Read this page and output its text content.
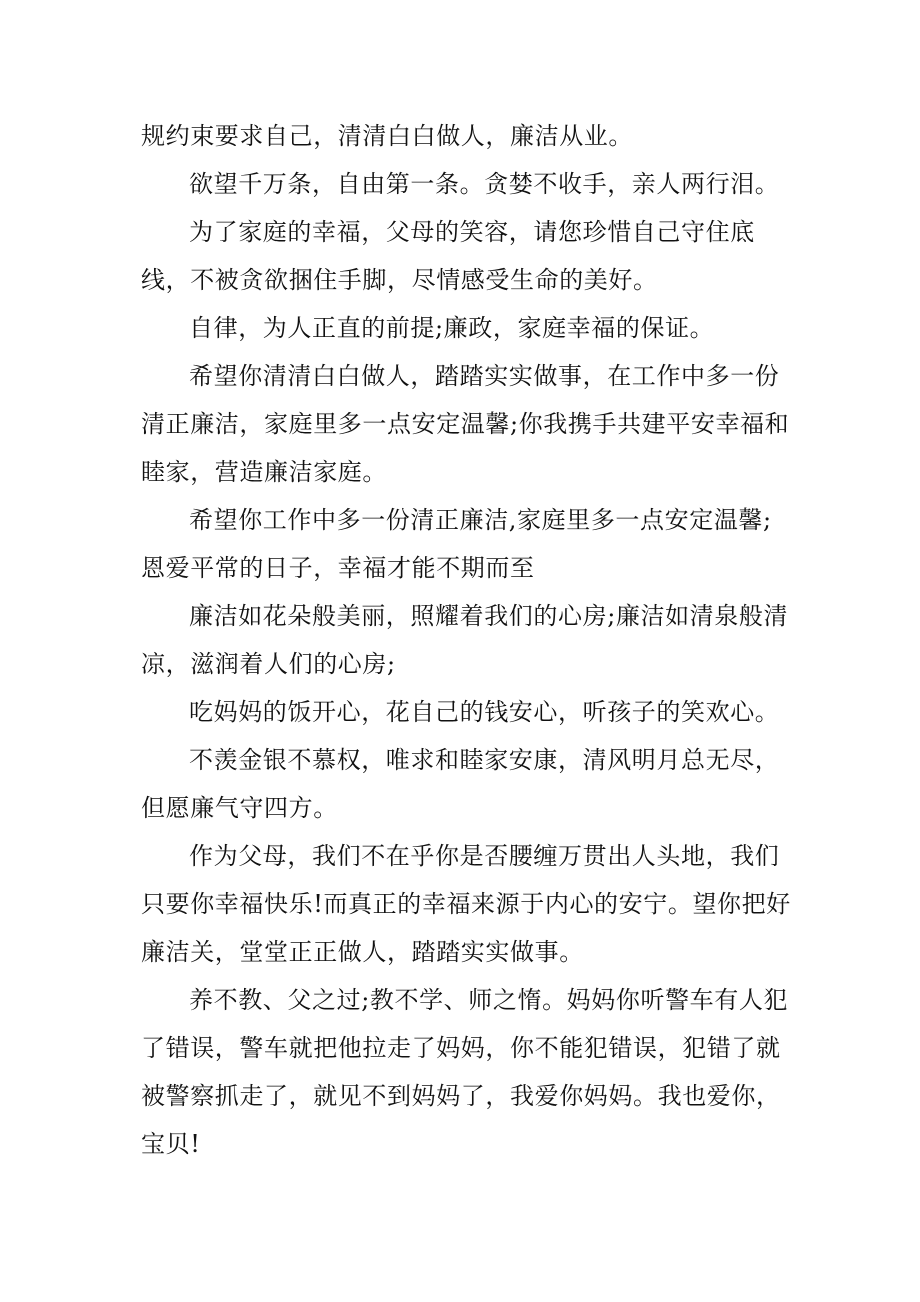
规约束要求自己，清清白白做人，廉洁从业。

欲望千万条，自由第一条。贪婪不收手，亲人两行泪。

为了家庭的幸福，父母的笑容，请您珍惜自己守住底线，不被贪欲捆住手脚，尽情感受生命的美好。

自律，为人正直的前提;廉政，家庭幸福的保证。

希望你清清白白做人，踏踏实实做事，在工作中多一份清正廉洁，家庭里多一点安定温馨;你我携手共建平安幸福和睦家，营造廉洁家庭。

希望你工作中多一份清正廉洁,家庭里多一点安定温馨;恩爱平常的日子，幸福才能不期而至

廉洁如花朵般美丽，照耀着我们的心房;廉洁如清泉般清凉，滋润着人们的心房;

吃妈妈的饭开心，花自己的钱安心，听孩子的笑欢心。

不羡金银不慕权，唯求和睦家安康，清风明月总无尽，但愿廉气守四方。

作为父母，我们不在乎你是否腰缠万贯出人头地，我们只要你幸福快乐!而真正的幸福来源于内心的安宁。望你把好廉洁关，堂堂正正做人，踏踏实实做事。

养不教、父之过;教不学、师之惰。妈妈你听警车有人犯了错误，警车就把他拉走了妈妈，你不能犯错误，犯错了就被警察抓走了，就见不到妈妈了，我爱你妈妈。我也爱你，宝贝!
